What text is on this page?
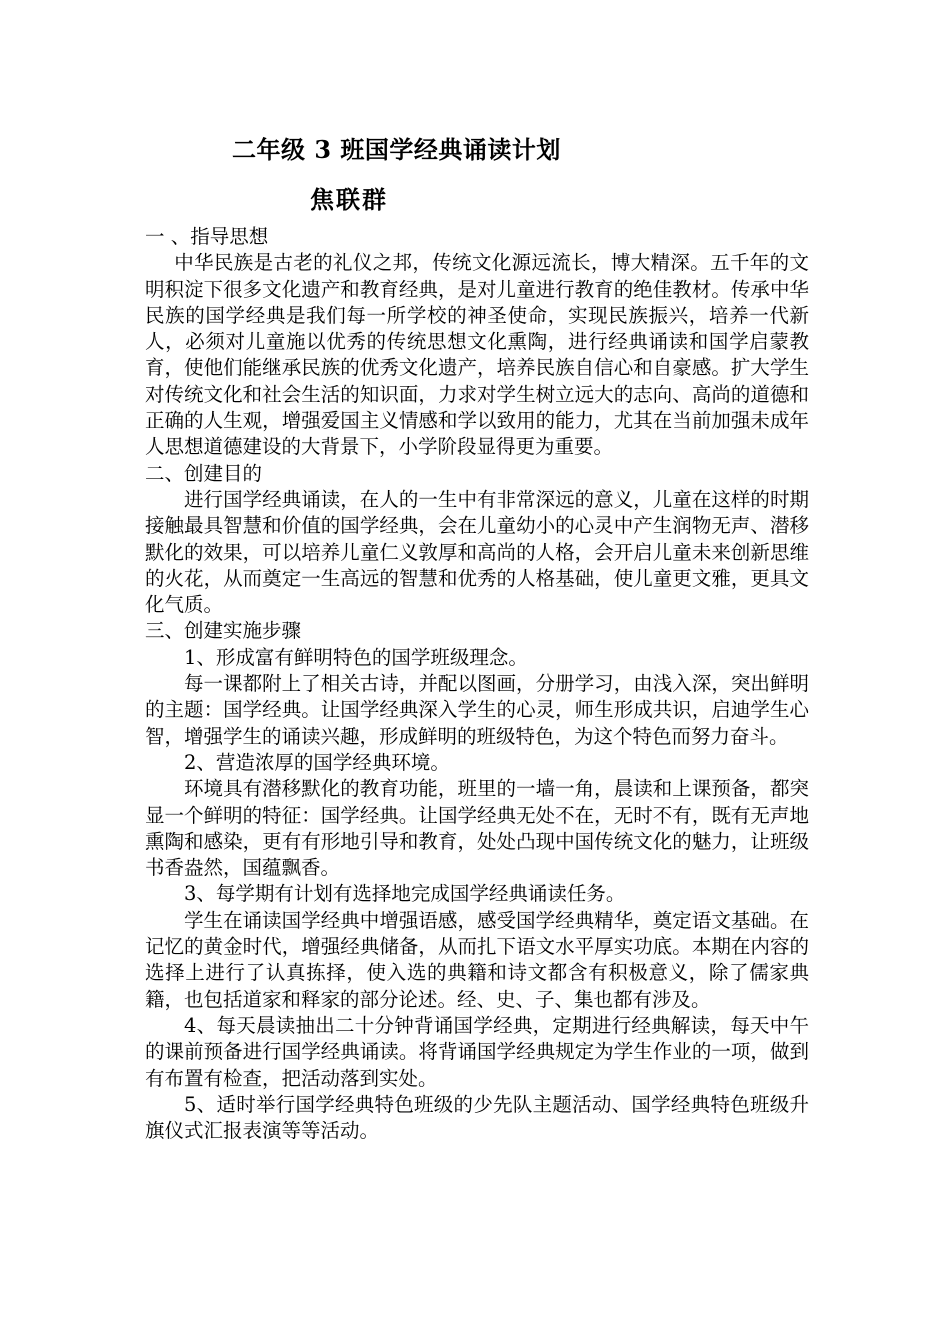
二年级 3 班国学经典诵读计划
焦联群

一 、指导思想

中华民族是古老的礼仪之邦，传统文化源远流长，博大精深。五千年的文明积淀下很多文化遗产和教育经典，是对儿童进行教育的绝佳教材。传承中华民族的国学经典是我们每一所学校的神圣使命，实现民族振兴，培养一代新人，必须对儿童施以优秀的传统思想文化熏陶，进行经典诵读和国学启蒙教育，使他们能继承民族的优秀文化遗产，培养民族自信心和自豪感。扩大学生对传统文化和社会生活的知识面，力求对学生树立远大的志向、高尚的道德和正确的人生观，增强爱国主义情感和学以致用的能力，尤其在当前加强未成年人思想道德建设的大背景下，小学阶段显得更为重要。

二、创建目的

进行国学经典诵读，在人的一生中有非常深远的意义，儿童在这样的时期接触最具智慧和价值的国学经典，会在儿童幼小的心灵中产生润物无声、潜移默化的效果，可以培养儿童仁义敦厚和高尚的人格，会开启儿童未来创新思维的火花，从而奠定一生高远的智慧和优秀的人格基础，使儿童更文雅，更具文化气质。

三、创建实施步骤

1、形成富有鲜明特色的国学班级理念。

每一课都附上了相关古诗，并配以图画，分册学习，由浅入深，突出鲜明的主题：国学经典。让国学经典深入学生的心灵，师生形成共识，启迪学生心智，增强学生的诵读兴趣，形成鲜明的班级特色，为这个特色而努力奋斗。

2、营造浓厚的国学经典环境。

环境具有潜移默化的教育功能，班里的一墙一角，晨读和上课预备，都突显一个鲜明的特征：国学经典。让国学经典无处不在，无时不有，既有无声地熏陶和感染，更有有形地引导和教育，处处凸现中国传统文化的魅力，让班级书香盎然，国蕴飘香。

3、每学期有计划有选择地完成国学经典诵读任务。

学生在诵读国学经典中增强语感，感受国学经典精华，奠定语文基础。在记忆的黄金时代，增强经典储备，从而扎下语文水平厚实功底。本期在内容的选择上进行了认真拣择，使入选的典籍和诗文都含有积极意义，除了儒家典籍，也包括道家和释家的部分论述。经、史、子、集也都有涉及。

4、每天晨读抽出二十分钟背诵国学经典，定期进行经典解读，每天中午的课前预备进行国学经典诵读。将背诵国学经典规定为学生作业的一项，做到有布置有检查，把活动落到实处。

5、适时举行国学经典特色班级的少先队主题活动、国学经典特色班级升旗仪式汇报表演等等活动。
